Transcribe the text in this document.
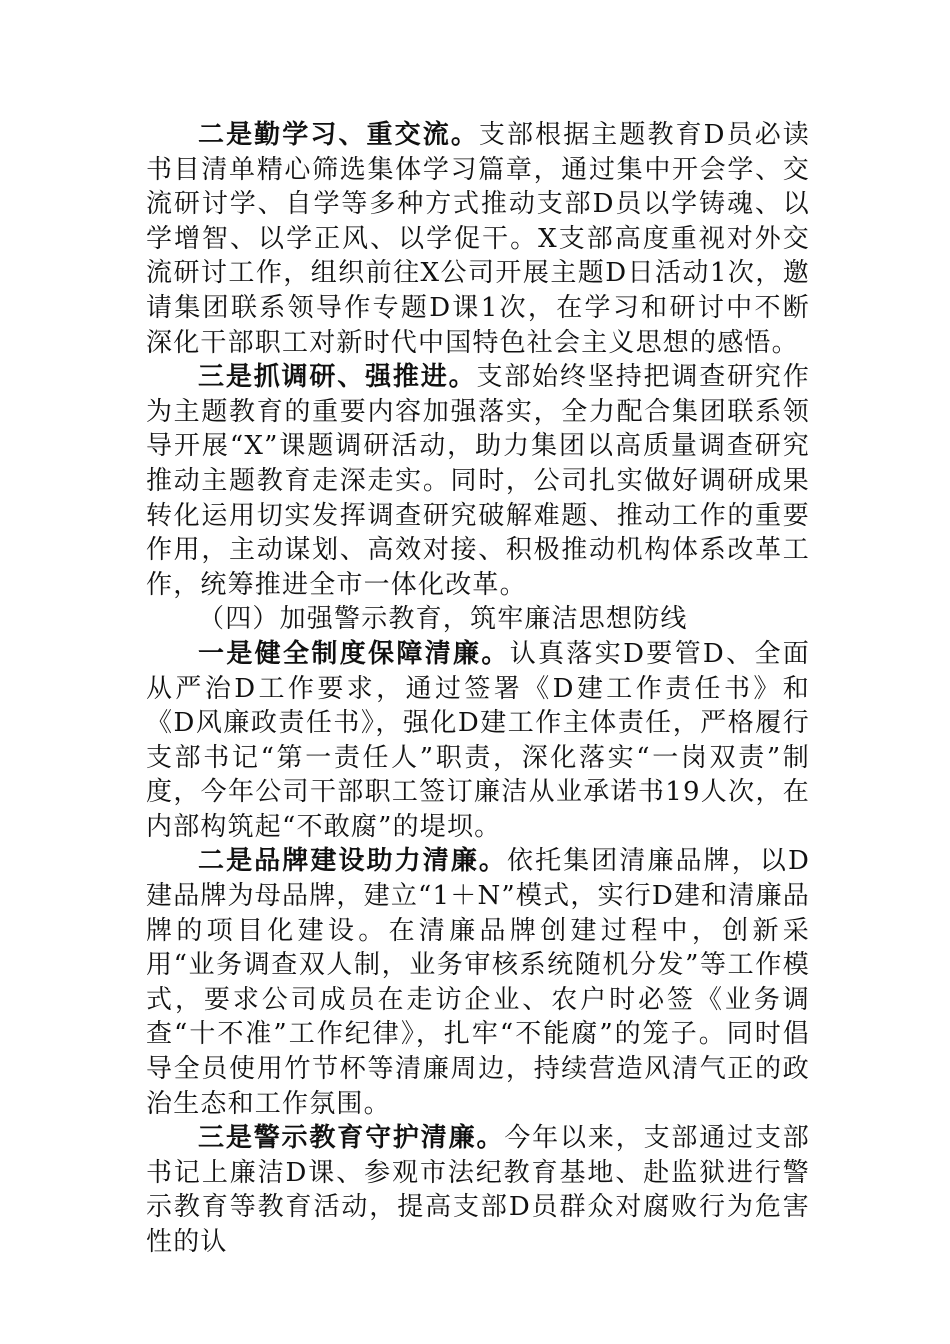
二是勤学习、重交流。支部根据主题教育D员必读书目清单精心筛选集体学习篇章，通过集中开会学、交流研讨学、自学等多种方式推动支部D员以学铸魂、以学增智、以学正风、以学促干。X支部高度重视对外交流研讨工作，组织前往X公司开展主题D日活动1次，邀请集团联系领导作专题D课1次，在学习和研讨中不断深化干部职工对新时代中国特色社会主义思想的感悟。

三是抓调研、强推进。支部始终坚持把调查研究作为主题教育的重要内容加强落实，全力配合集团联系领导开展“X”课题调研活动，助力集团以高质量调查研究推动主题教育走深走实。同时，公司扎实做好调研成果转化运用切实发挥调查研究破解难题、推动工作的重要作用，主动谋划、高效对接、积极推动机构体系改革工作，统筹推进全市一体化改革。

（四）加强警示教育，筑牢廉洁思想防线

一是健全制度保障清廉。认真落实D要管D、全面从严治D工作要求，通过签署《D建工作责任书》和《D风廉政责任书》，强化D建工作主体责任，严格履行支部书记“第一责任人”职责，深化落实“一岗双责”制度，今年公司干部职工签订廉洁从业承诺书19人次，在内部构筑起“不敢腐”的堤坝。

二是品牌建设助力清廉。依托集团清廉品牌，以D建品牌为母品牌，建立“1＋N”模式，实行D建和清廉品牌的项目化建设。在清廉品牌创建过程中，创新采用“业务调查双人制，业务审核系统随机分发”等工作模式，要求公司成员在走访企业、农户时必签《业务调查“十不准”工作纪律》，扎牢“不能腐”的笼子。同时倡导全员使用竹节杯等清廉周边，持续营造风清气正的政治生态和工作氛围。

三是警示教育守护清廉。今年以来，支部通过支部书记上廉洁D课、参观市法纪教育基地、赴监狱进行警示教育等教育活动，提高支部D员群众对腐败行为危害性的认
